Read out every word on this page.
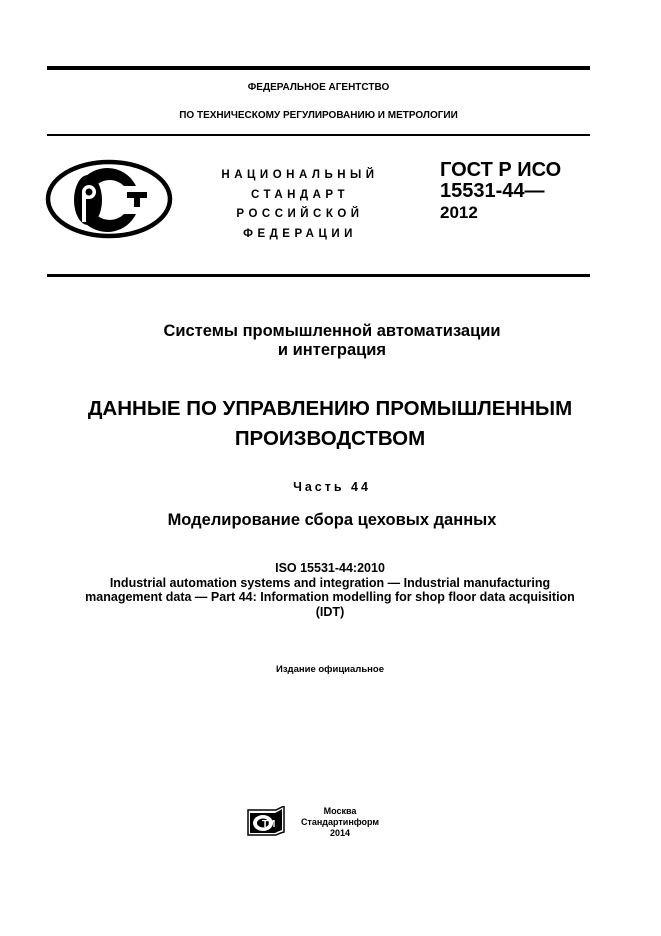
ФЕДЕРАЛЬНОЕ АГЕНТСТВО
ПО ТЕХНИЧЕСКОМУ РЕГУЛИРОВАНИЮ И МЕТРОЛОГИИ
НАЦИОНАЛЬНЫЙ
СТАНДАРТ
РОССИЙСКОЙ
ФЕДЕРАЦИИ
ГОСТ Р ИСО
15531-44—
2012
Системы промышленной автоматизации
и интеграция
ДАННЫЕ ПО УПРАВЛЕНИЮ ПРОМЫШЛЕННЫМ
ПРОИЗВОДСТВОМ
Часть 44
Моделирование сбора цеховых данных
ISO 15531-44:2010
Industrial automation systems and integration — Industrial manufacturing
management data — Part 44: Information modelling for shop floor data acquisition
(IDT)
Издание официальное
ТИ
Москва
Стандартинформ
2014
